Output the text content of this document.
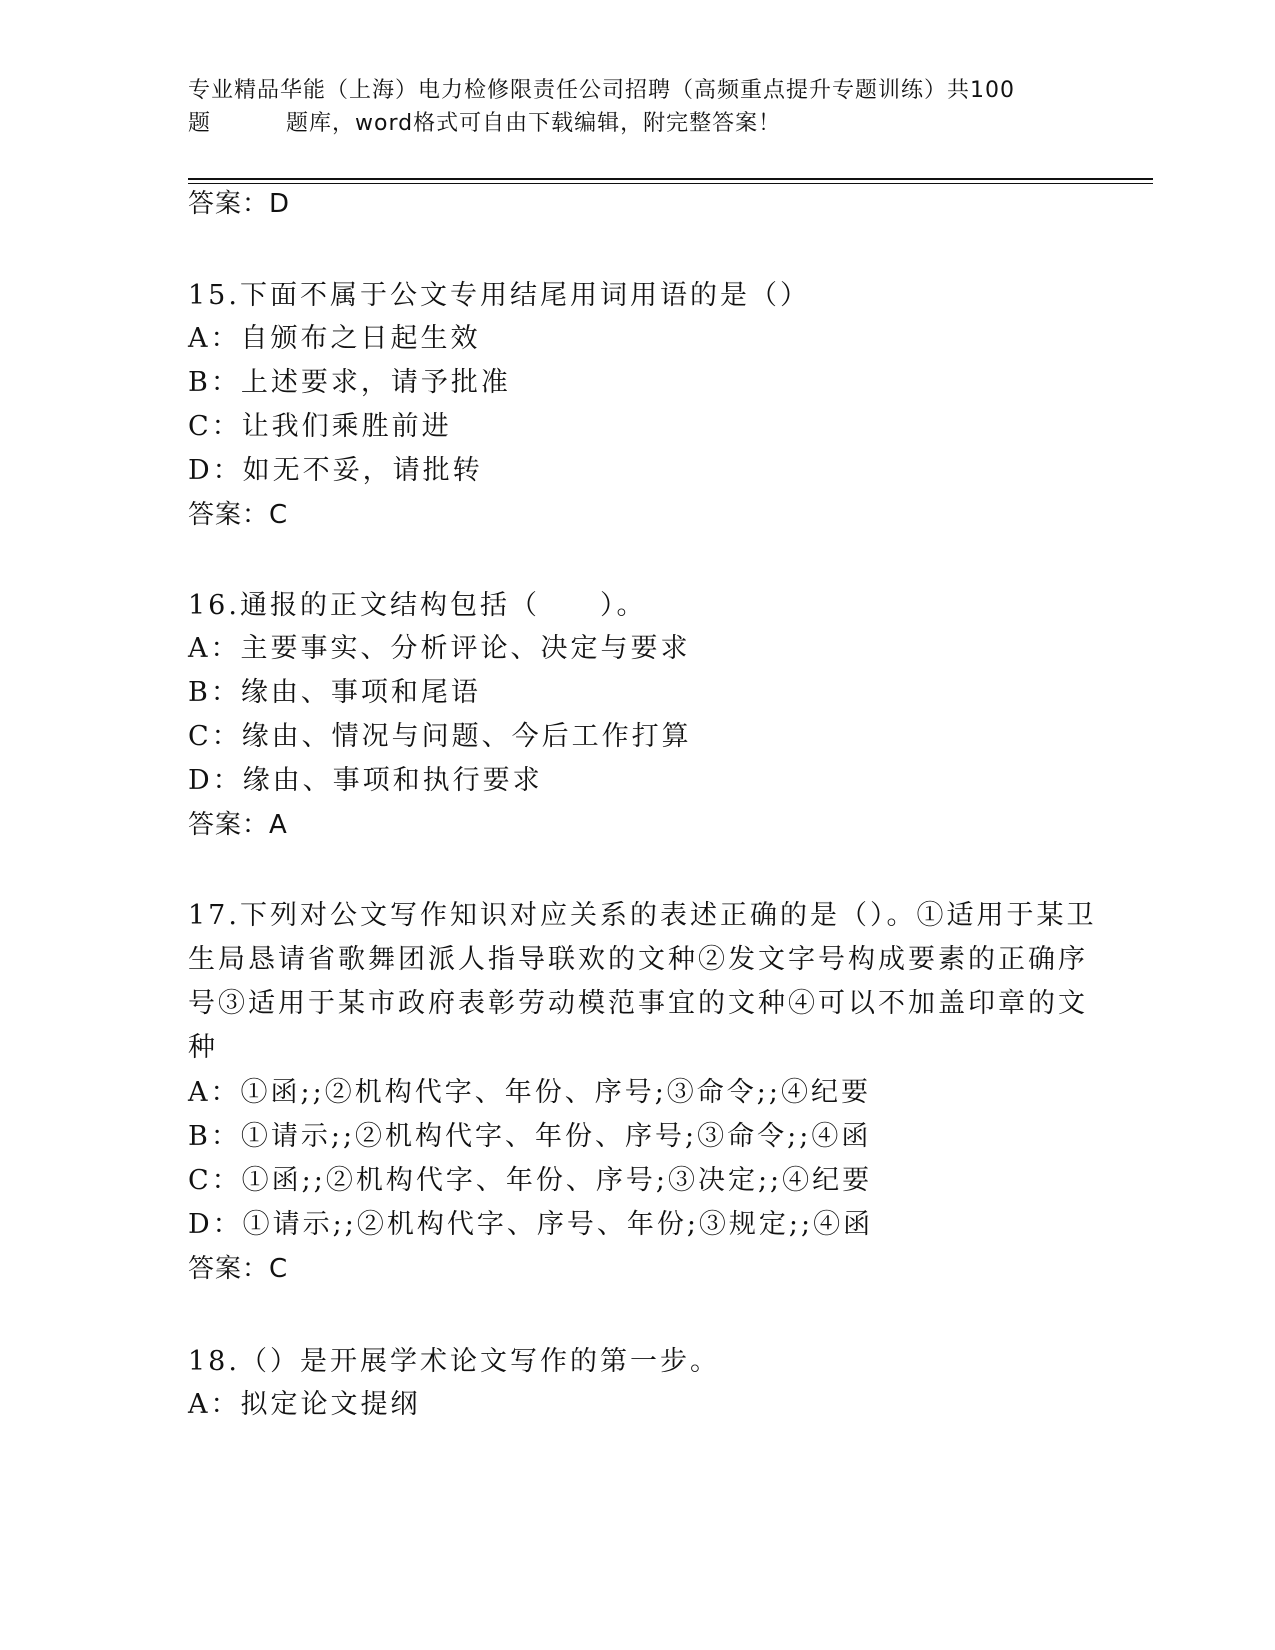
专业精品华能（上海）电力检修限责任公司招聘（高频重点提升专题训练）共100
题	题库，word格式可自由下载编辑，附完整答案！
答案：D
15.下面不属于公文专用结尾用词用语的是（）
A：自颁布之日起生效
B：上述要求，请予批准
C：让我们乘胜前进
D：如无不妥，请批转
答案：C
16.通报的正文结构包括（　　）。
A：主要事实、分析评论、决定与要求
B：缘由、事项和尾语
C：缘由、情况与问题、今后工作打算
D：缘由、事项和执行要求
答案：A
17.下列对公文写作知识对应关系的表述正确的是（）。①适用于某卫
生局恳请省歌舞团派人指导联欢的文种②发文字号构成要素的正确序
号③适用于某市政府表彰劳动模范事宜的文种④可以不加盖印章的文
种
A：①函;;②机构代字、年份、序号;③命令;;④纪要
B：①请示;;②机构代字、年份、序号;③命令;;④函
C：①函;;②机构代字、年份、序号;③决定;;④纪要
D：①请示;;②机构代字、序号、年份;③规定;;④函
答案：C
18.（）是开展学术论文写作的第一步。
A：拟定论文提纲
